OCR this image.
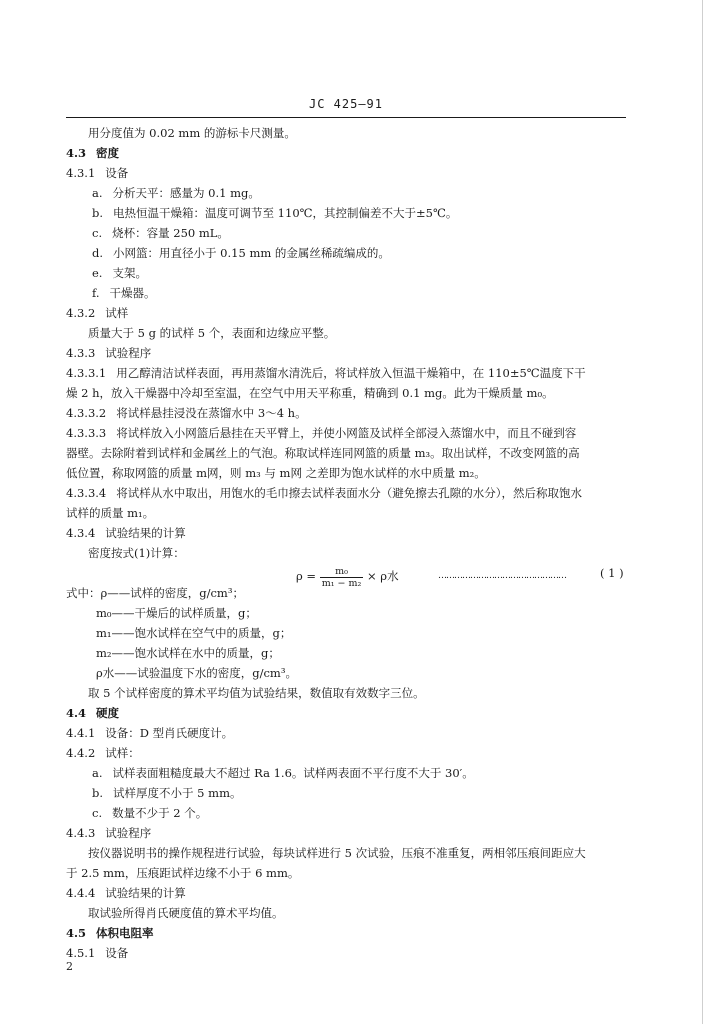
JC 425—91
用分度值为 0.02 mm 的游标卡尺测量。
4.3 密度
4.3.1 设备
a. 分析天平：感量为 0.1 mg。
b. 电热恒温干燥箱：温度可调节至 110℃，其控制偏差不大于±5℃。
c. 烧杯：容量 250 mL。
d. 小网篮：用直径小于 0.15 mm 的金属丝稀疏编成的。
e. 支架。
f. 干燥器。
4.3.2 试样
质量大于 5 g 的试样 5 个，表面和边缘应平整。
4.3.3 试验程序
4.3.3.1 用乙醇清洁试样表面，再用蒸馏水清洗后，将试样放入恒温干燥箱中，在 110±5℃温度下干
燥 2 h，放入干燥器中冷却至室温，在空气中用天平称重，精确到 0.1 mg。此为干燥质量 m₀。
4.3.3.2 将试样悬挂浸没在蒸馏水中 3～4 h。
4.3.3.3 将试样放入小网篮后悬挂在天平臂上，并使小网篮及试样全部浸入蒸馏水中，而且不碰到容
器壁。去除附着到试样和金属丝上的气泡。称取试样连同网篮的质量 m₃。取出试样，不改变网篮的高
低位置，称取网篮的质量 m网，则 m₃ 与 m网 之差即为饱水试样的水中质量 m₂。
4.3.3.4 将试样从水中取出，用饱水的毛巾擦去试样表面水分（避免擦去孔隙的水分），然后称取饱水
试样的质量 m₁。
4.3.4 试验结果的计算
密度按式(1)计算：
式中：ρ——试样的密度，g/cm³；
m₀——干燥后的试样质量，g；
m₁——饱水试样在空气中的质量，g；
m₂——饱水试样在水中的质量，g；
ρ水——试验温度下水的密度，g/cm³。
取 5 个试样密度的算术平均值为试验结果，数值取有效数字三位。
4.4 硬度
4.4.1 设备：D 型肖氏硬度计。
4.4.2 试样：
a. 试样表面粗糙度最大不超过 Ra 1.6。试样两表面不平行度不大于 30′。
b. 试样厚度不小于 5 mm。
c. 数量不少于 2 个。
4.4.3 试验程序
按仪器说明书的操作规程进行试验，每块试样进行 5 次试验，压痕不准重复，两相邻压痕间距应大
于 2.5 mm，压痕距试样边缘不小于 6 mm。
4.4.4 试验结果的计算
取试验所得肖氏硬度值的算术平均值。
4.5 体积电阻率
4.5.1 设备
$\rho = \frac{\text{m₀}}{\text{m₁ − m₂}} \times \rho$水	…………………………………………	( 1 )
2
